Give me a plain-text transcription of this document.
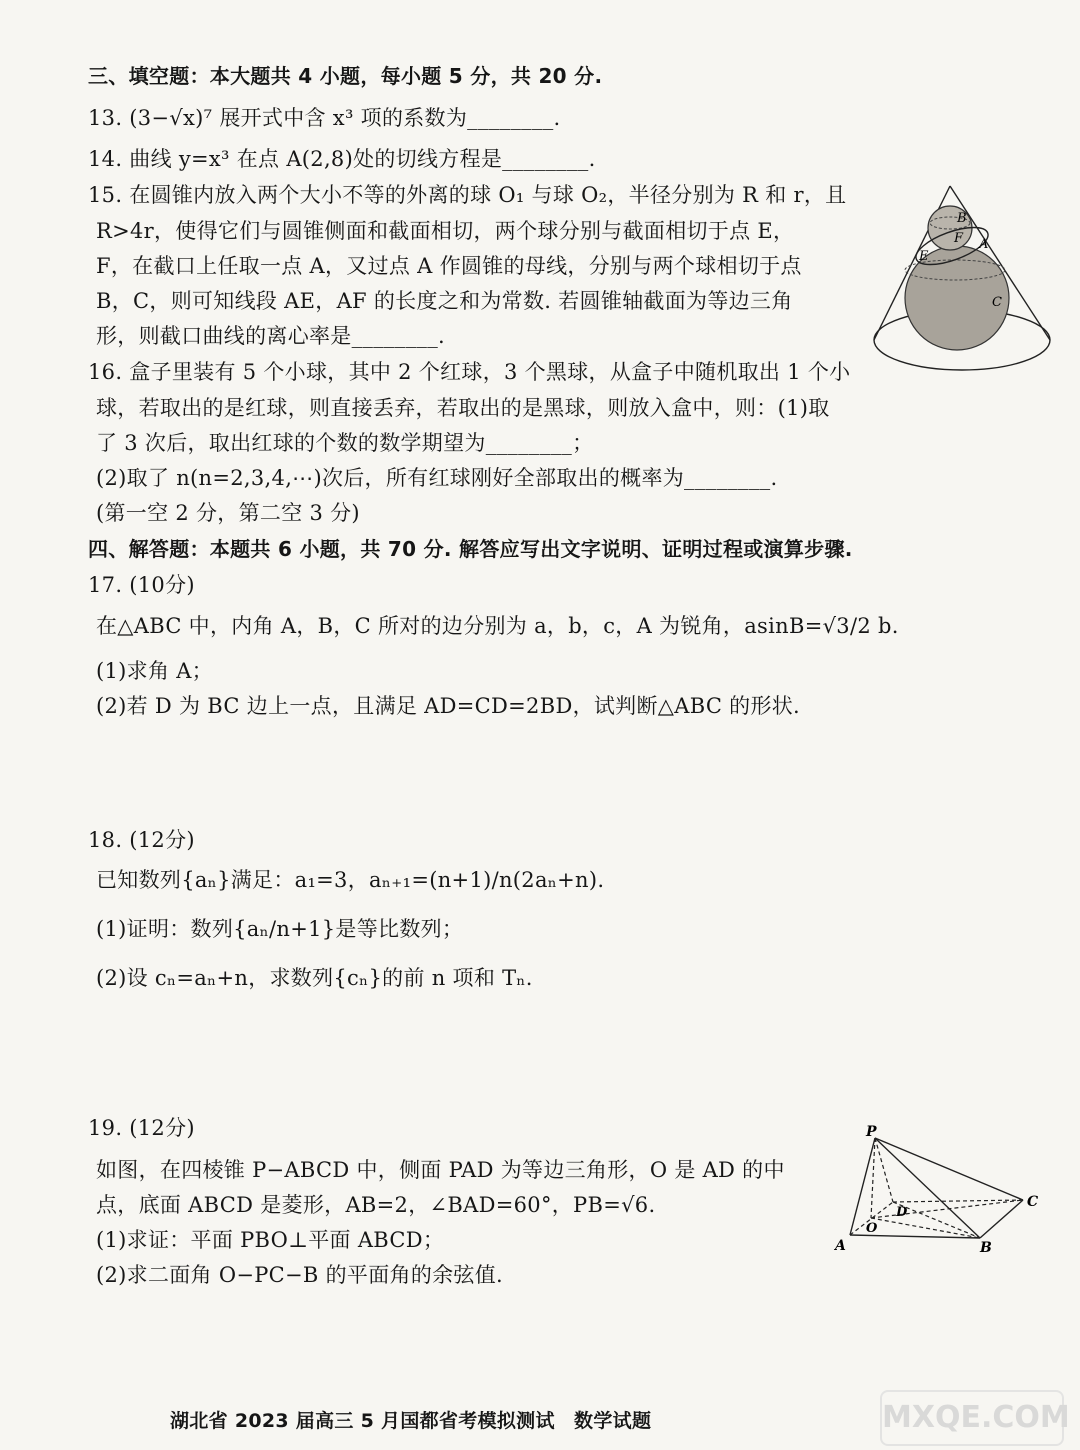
B
F A
E
C
P
D
C
O
A	B
MXQE.COM
三、填空题：本大题共 4 小题，每小题 5 分，共 20 分.
13. (3−√x)⁷ 展开式中含 x³ 项的系数为________.
14. 曲线 y=x³ 在点 A(2,8)处的切线方程是________.
15. 在圆锥内放入两个大小不等的外离的球 O₁ 与球 O₂，半径分别为 R 和 r，且
R>4r，使得它们与圆锥侧面和截面相切，两个球分别与截面相切于点 E，
F，在截口上任取一点 A，又过点 A 作圆锥的母线，分别与两个球相切于点
B，C，则可知线段 AE，AF 的长度之和为常数. 若圆锥轴截面为等边三角
形，则截口曲线的离心率是________.
16. 盒子里装有 5 个小球，其中 2 个红球，3 个黑球，从盒子中随机取出 1 个小
球，若取出的是红球，则直接丢弃，若取出的是黑球，则放入盒中，则：(1)取
了 3 次后，取出红球的个数的数学期望为________；
(2)取了 n(n=2,3,4,⋯)次后，所有红球刚好全部取出的概率为________.
(第一空 2 分，第二空 3 分)
四、解答题：本题共 6 小题，共 70 分. 解答应写出文字说明、证明过程或演算步骤.
17. (10分)
在△ABC 中，内角 A，B，C 所对的边分别为 a，b，c，A 为锐角，asinB=√3/2 b.
(1)求角 A；
(2)若 D 为 BC 边上一点，且满足 AD=CD=2BD，试判断△ABC 的形状.
18. (12分)
已知数列{aₙ}满足：a₁=3，aₙ₊₁=(n+1)/n(2aₙ+n).
(1)证明：数列{aₙ/n+1}是等比数列；
(2)设 cₙ=aₙ+n，求数列{cₙ}的前 n 项和 Tₙ.
19. (12分)
如图，在四棱锥 P−ABCD 中，侧面 PAD 为等边三角形，O 是 AD 的中
点，底面 ABCD 是菱形，AB=2，∠BAD=60°，PB=√6.
(1)求证：平面 PBO⊥平面 ABCD；
(2)求二面角 O−PC−B 的平面角的余弦值.
湖北省 2023 届高三 5 月国都省考模拟测试　数学试题
